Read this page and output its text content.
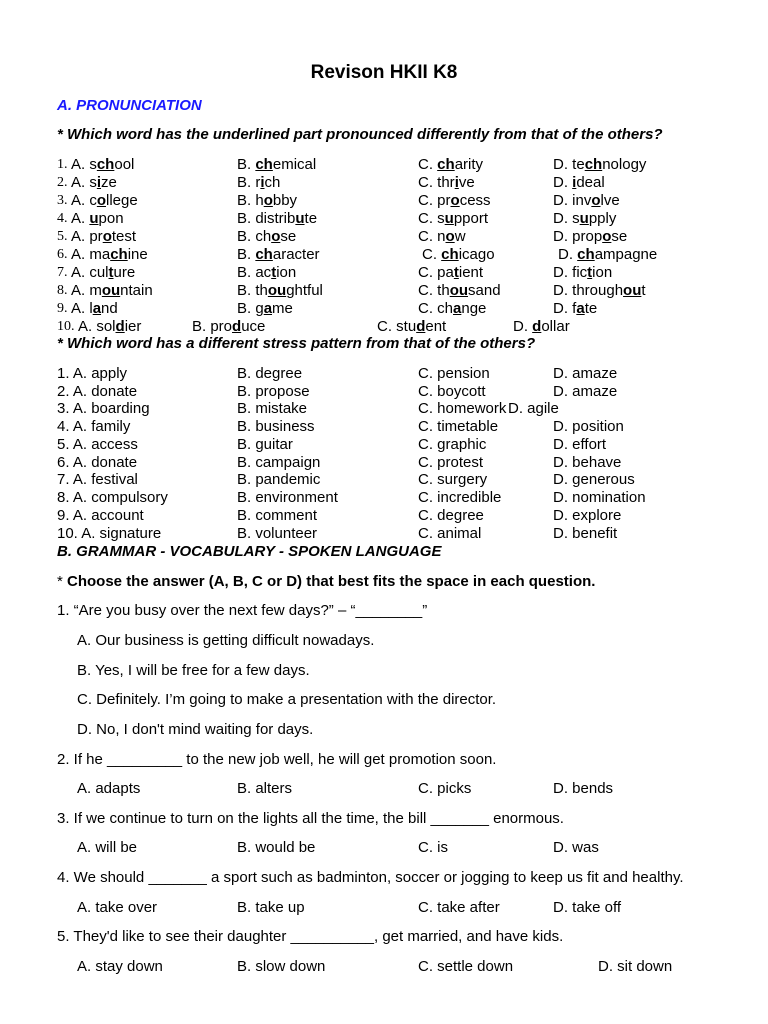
Revison HKII K8
A. PRONUNCIATION
* Which word has the underlined part pronounced differently from that of the others?
1. A. school	B. chemical	C. charity	D. technology
2. A. size	B. rich	C. thrive	D. ideal
3. A. college	B. hobby	C. process	D. involve
4. A. upon	B. distribute	C. support	D. supply
5. A. protest	B. chose	C. now	D. propose
6. A. machine	B. character	C. chicago	D. champagne
7. A. culture	B. action	C. patient	D. fiction
8. A. mountain	B. thoughtful	C. thousand	D. throughout
9. A. land	B. game	C. change	D. fate
10. A. soldier	B. produce	C. student	D. dollar
* Which word has a different stress pattern from that of the others?
1. A. apply	B. degree	C. pension	D. amaze
2. A. donate	B. propose	C. boycott	D. amaze
3. A. boarding	B. mistake	C. homework D. agile
4. A. family	B. business	C. timetable	D. position
5. A. access	B. guitar	C. graphic	D. effort
6. A. donate	B. campaign	C. protest	D. behave
7. A. festival	B. pandemic	C. surgery	D. generous
8. A. compulsory	B. environment	C. incredible	D. nomination
9. A. account	B. comment	C. degree	D. explore
10. A. signature	B. volunteer	C. animal	D. benefit
B. GRAMMAR - VOCABULARY - SPOKEN LANGUAGE
* Choose the answer (A, B, C or D) that best fits the space in each question.
1. “Are you busy over the next few days?” – “________”
A. Our business is getting difficult nowadays.
B. Yes, I will be free for a few days.
C. Definitely. I’m going to make a presentation with the director.
D. No, I don't mind waiting for days.
2. If he _________ to the new job well, he will get promotion soon.
A. adapts	B. alters	C. picks	D. bends
3. If we continue to turn on the lights all the time, the bill _______ enormous.
A. will be	B. would be	C. is	D. was
4. We should _______ a sport such as badminton, soccer or jogging to keep us fit and healthy.
A. take over	B. take up	C. take after	D. take off
5. They'd like to see their daughter __________, get married, and have kids.
A. stay down	B. slow down	C. settle down	D. sit down
